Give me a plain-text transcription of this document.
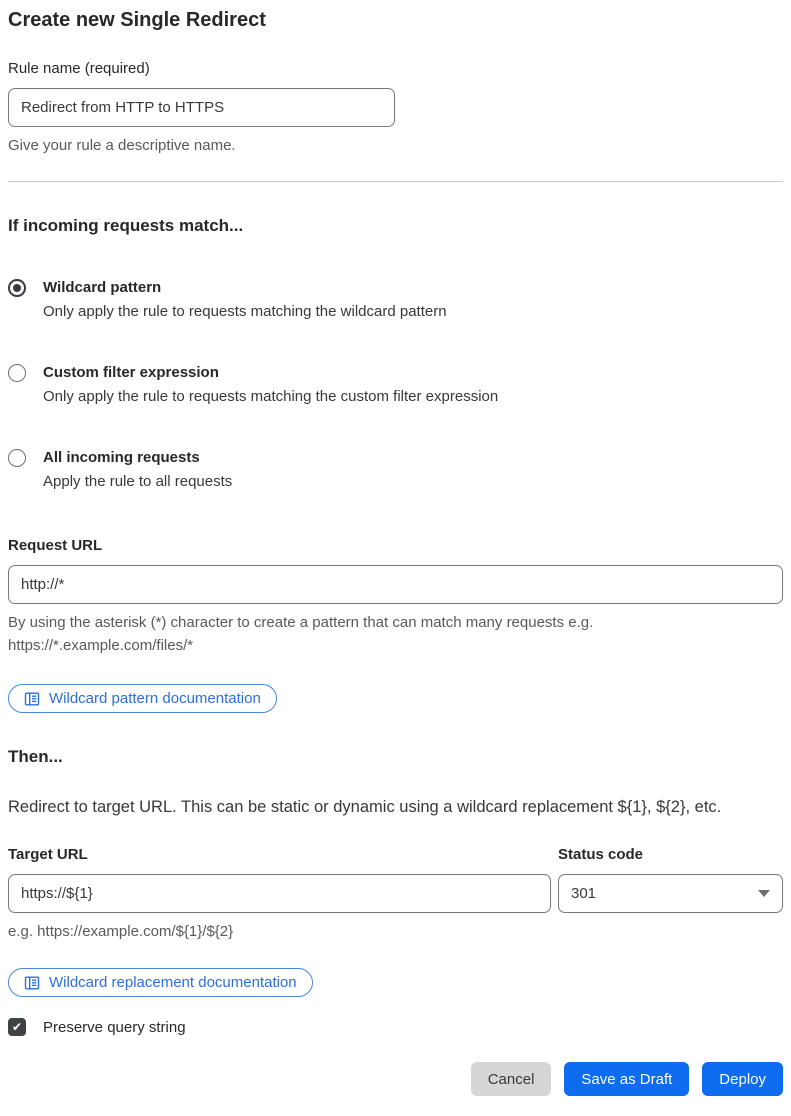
Create new Single Redirect
Rule name (required)
Redirect from HTTP to HTTPS
Give your rule a descriptive name.
If incoming requests match...
Wildcard pattern
Only apply the rule to requests matching the wildcard pattern
Custom filter expression
Only apply the rule to requests matching the custom filter expression
All incoming requests
Apply the rule to all requests
Request URL
http://*
By using the asterisk (*) character to create a pattern that can match many requests e.g.
https://*.example.com/files/*
Wildcard pattern documentation
Then...

Redirect to target URL. This can be static or dynamic using a wildcard replacement ${1}, ${2}, etc.

Target URL
https://${1}
e.g. https://example.com/${1}/${2}
Status code
301
Wildcard replacement documentation
✔
Preserve query string
Cancel	Save as Draft	Deploy
